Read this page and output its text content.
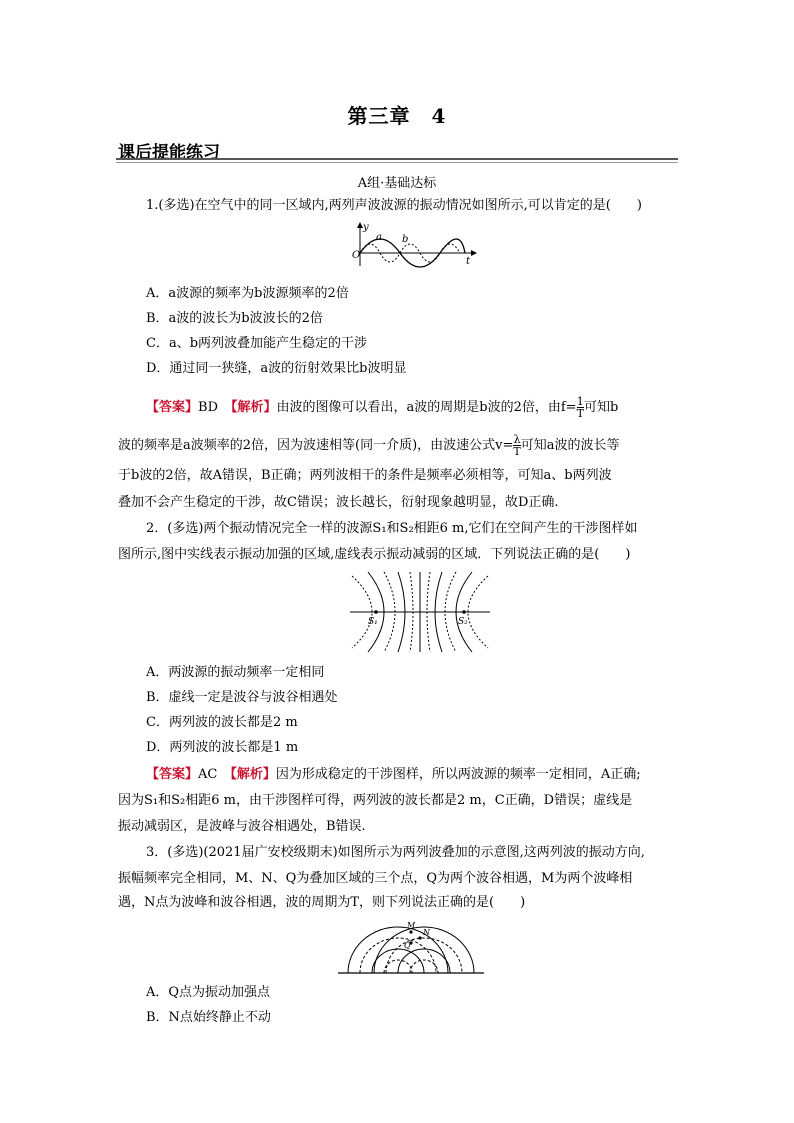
第三章　4
课后提能练习
A组·基础达标
1.(多选)在空气中的同一区域内,两列声波波源的振动情况如图所示,可以肯定的是(　　)
y
a b
O
t
A．a波源的频率为b波源频率的2倍
B．a波的波长为b波波长的2倍
C．a、b两列波叠加能产生稳定的干涉
D．通过同一狭缝，a波的衍射效果比b波明显
【答案】BD　 【解析】由波的图像可以看出，a波的周期是b波的2倍，由$f= \frac{1}{T}$ 可知b
波的频率是a波频率的2倍，因为波速相等(同一介质)，由波速公式$v= \frac{\lambda}{T}$ 可知a波的波长等
于b波的2倍，故A错误，B正确；两列波相干的条件是频率必须相等，可知a、b两列波
叠加不会产生稳定的干涉，故C错误；波长越长，衍射现象越明显，故D正确.
2．(多选)两个振动情况完全一样的波源S₁和S₂相距6 m,它们在空间产生的干涉图样如
图所示,图中实线表示振动加强的区域,虚线表示振动减弱的区域．下列说法正确的是(　　)
S₁	S₂
A．两波源的振动频率一定相同
B．虚线一定是波谷与波谷相遇处
C．两列波的波长都是2 m
D．两列波的波长都是1 m
【答案】AC　 【解析】因为形成稳定的干涉图样，所以两波源的频率一定相同，A正确;
因为S₁和S₂相距6 m，由干涉图样可得，两列波的波长都是2 m，C正确，D错误；虚线是
振动减弱区，是波峰与波谷相遇处，B错误.
3．(多选)(2021届广安校级期末)如图所示为两列波叠加的示意图,这两列波的振动方向,
振幅频率完全相同，M、N、Q为叠加区域的三个点，Q为两个波谷相遇，M为两个波峰相
遇，N点为波峰和波谷相遇，波的周期为T，则下列说法正确的是(　　)
M
N
Q
A．Q点为振动加强点
B．N点始终静止不动
